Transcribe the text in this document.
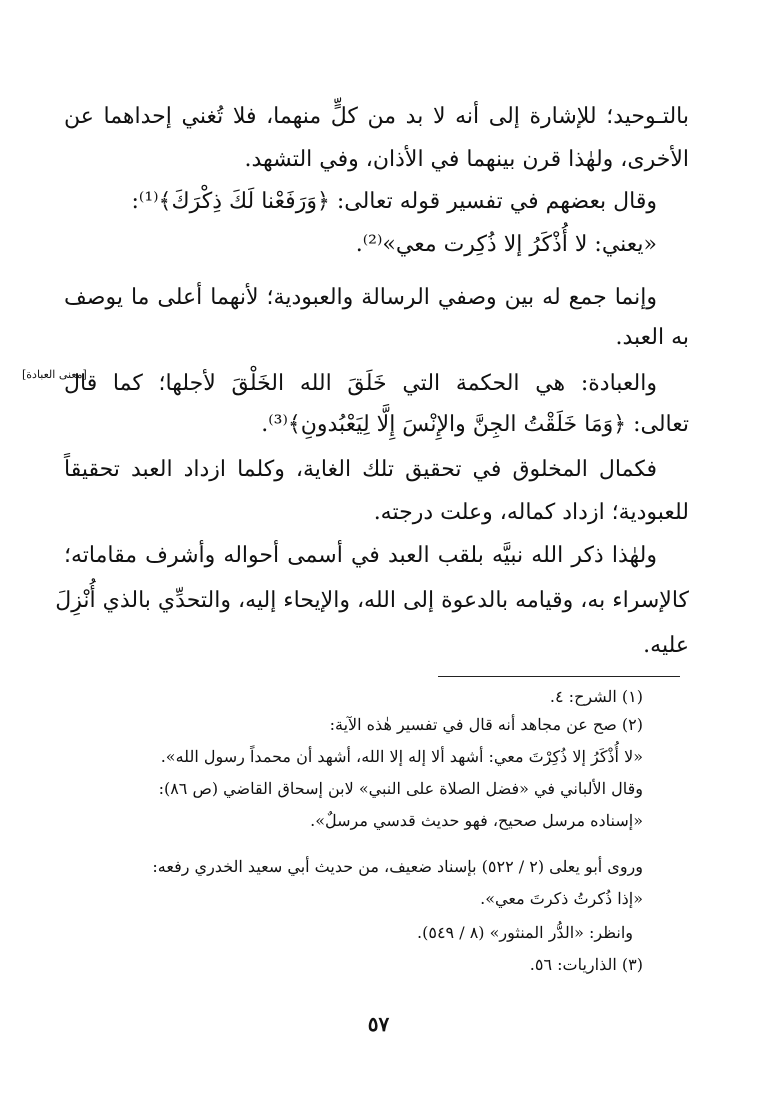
بالتـوحيد؛ للإشارة إلى أنه لا بد من كلٍّ منهما، فلا تُغني إحداهما عن
الأخرى، ولهٰذا قرن بينهما في الأذان، وفي التشهد.
وقال بعضهم في تفسير قوله تعالى: ﴿وَرَفَعْنا لَكَ ذِكْرَكَ﴾⁽¹⁾:
«يعني: لا أُذْكَرُ إلا ذُكِرت معي»⁽²⁾.
وإنما جمع له بين وصفي الرسالة والعبودية؛ لأنهما أعلى ما يوصف
به العبد.
[معنى العبادة]
والعبادة: هي الحكمة التي خَلَقَ الله الخَلْقَ لأجلها؛ كما قال
تعالى: ﴿وَمَا خَلَقْتُ الجِنَّ والإِنْسَ إِلَّا لِيَعْبُدونِ﴾⁽³⁾.
فكمال المخلوق في تحقيق تلك الغاية، وكلما ازداد العبد تحقيقاً
للعبودية؛ ازداد كماله، وعلت درجته.
ولهٰذا ذكر الله نبيَّه بلقب العبد في أسمى أحواله وأشرف مقاماته؛
كالإسراء به، وقيامه بالدعوة إلى الله، والإيحاء إليه، والتحدِّي بالذي أُنْزِلَ
عليه.
(١) الشرح: ٤.
(٢) صح عن مجاهد أنه قال في تفسير هٰذه الآية:
«لا أُذْكَرُ إلا ذُكِرْتَ معي: أشهد ألا إله إلا الله، أشهد أن محمداً رسول الله».
وقال الألباني في «فضل الصلاة على النبي» لابن إسحاق القاضي (ص ٨٦):
«إسناده مرسل صحيح، فهو حديث قدسي مرسلٌ».
وروى أبو يعلى (٢ / ٥٢٢) بإسناد ضعيف، من حديث أبي سعيد الخدري رفعه:
«إذا ذُكرتُ ذكرتَ معي».
وانظر: «الدُّر المنثور» (٨ / ٥٤٩).
(٣) الذاريات: ٥٦.
٥٧
